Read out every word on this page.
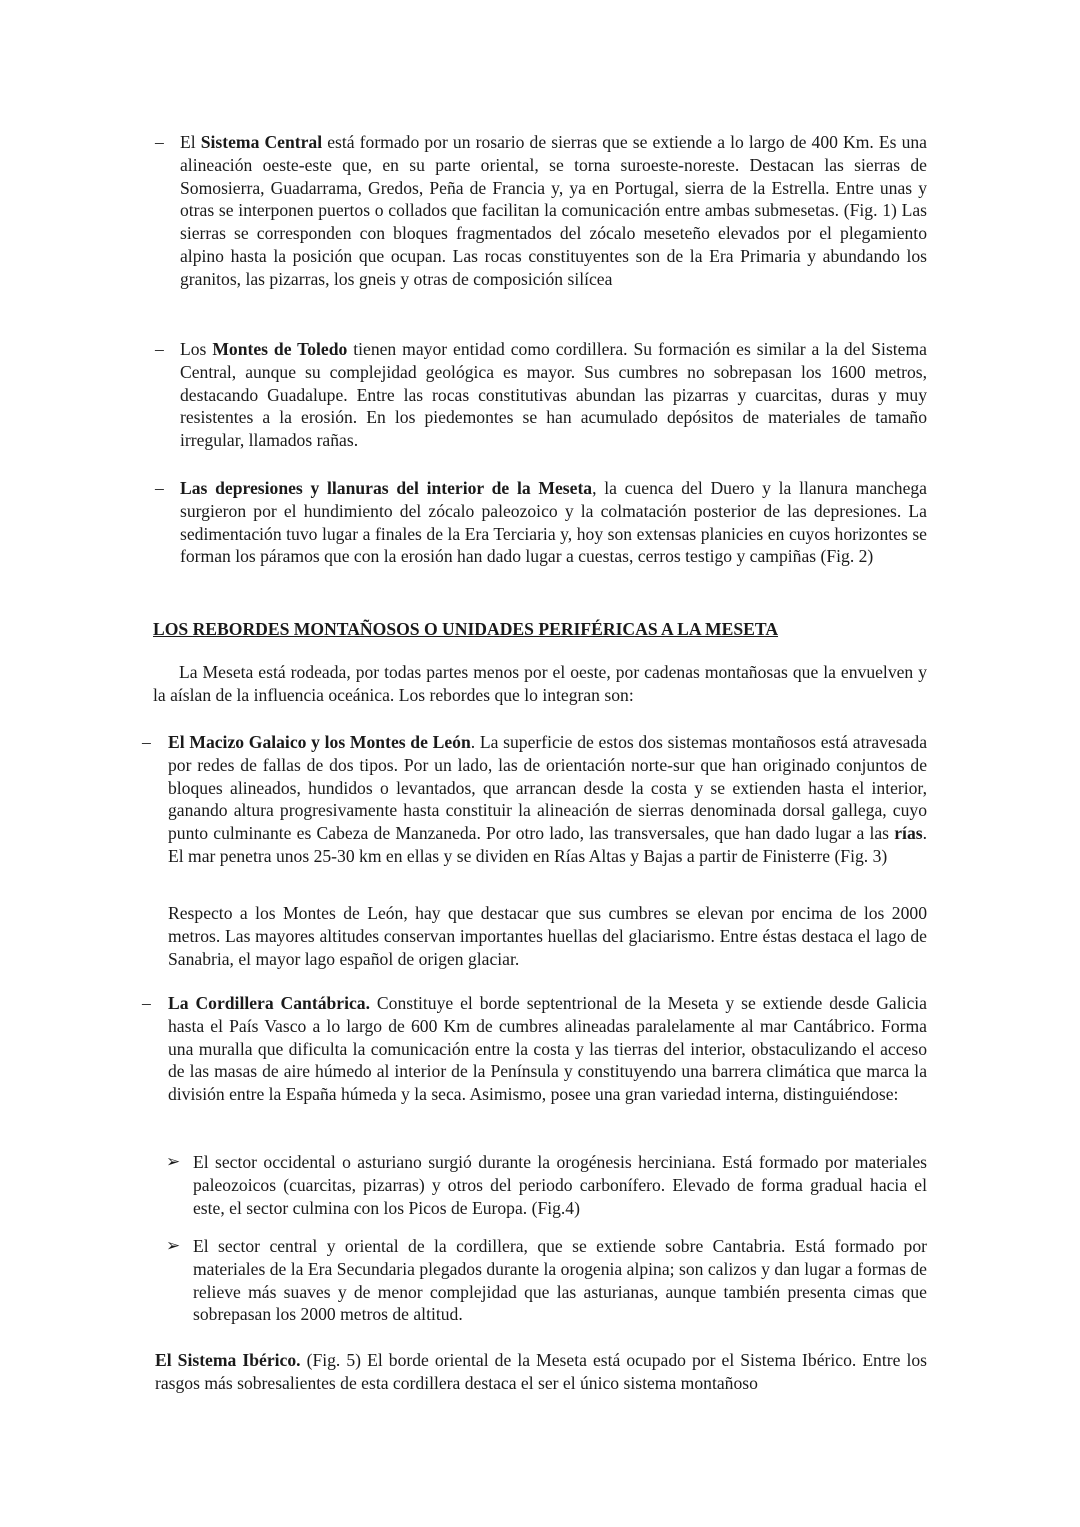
– El Sistema Central está formado por un rosario de sierras que se extiende a lo largo de 400 Km. Es una alineación oeste-este que, en su parte oriental, se torna suroeste-noreste. Destacan las sierras de Somosierra, Guadarrama, Gredos, Peña de Francia y, ya en Portugal, sierra de la Estrella. Entre unas y otras se interponen puertos o collados que facilitan la comunicación entre ambas submesetas. (Fig. 1) Las sierras se corresponden con bloques fragmentados del zócalo meseteño elevados por el plegamiento alpino hasta la posición que ocupan. Las rocas constituyentes son de la Era Primaria y abundando los granitos, las pizarras, los gneis y otras de composición silícea

– Los Montes de Toledo tienen mayor entidad como cordillera. Su formación es similar a la del Sistema Central, aunque su complejidad geológica es mayor. Sus cumbres no sobrepasan los 1600 metros, destacando Guadalupe. Entre las rocas constitutivas abundan las pizarras y cuarcitas, duras y muy resistentes a la erosión. En los piedemontes se han acumulado depósitos de materiales de tamaño irregular, llamados rañas.

– Las depresiones y llanuras del interior de la Meseta, la cuenca del Duero y la llanura manchega surgieron por el hundimiento del zócalo paleozoico y la colmatación posterior de las depresiones. La sedimentación tuvo lugar a finales de la Era Terciaria y, hoy son extensas planicies en cuyos horizontes se forman los páramos que con la erosión han dado lugar a cuestas, cerros testigo y campiñas (Fig. 2)

LOS REBORDES MONTAÑOSOS O UNIDADES PERIFÉRICAS A LA MESETA

La Meseta está rodeada, por todas partes menos por el oeste, por cadenas montañosas que la envuelven y la aíslan de la influencia oceánica. Los rebordes que lo integran son:

– El Macizo Galaico y los Montes de León. La superficie de estos dos sistemas montañosos está atravesada por redes de fallas de dos tipos. Por un lado, las de orientación norte-sur que han originado conjuntos de bloques alineados, hundidos o levantados, que arrancan desde la costa y se extienden hasta el interior, ganando altura progresivamente hasta constituir la alineación de sierras denominada dorsal gallega, cuyo punto culminante es Cabeza de Manzaneda. Por otro lado, las transversales, que han dado lugar a las rías. El mar penetra unos 25-30 km en ellas y se dividen en Rías Altas y Bajas a partir de Finisterre (Fig. 3)

Respecto a los Montes de León, hay que destacar que sus cumbres se elevan por encima de los 2000 metros. Las mayores altitudes conservan importantes huellas del glaciarismo. Entre éstas destaca el lago de Sanabria, el mayor lago español de origen glaciar.

– La Cordillera Cantábrica. Constituye el borde septentrional de la Meseta y se extiende desde Galicia hasta el País Vasco a lo largo de 600 Km de cumbres alineadas paralelamente al mar Cantábrico. Forma una muralla que dificulta la comunicación entre la costa y las tierras del interior, obstaculizando el acceso de las masas de aire húmedo al interior de la Península y constituyendo una barrera climática que marca la división entre la España húmeda y la seca. Asimismo, posee una gran variedad interna, distinguiéndose:

➢ El sector occidental o asturiano surgió durante la orogénesis herciniana. Está formado por materiales paleozoicos (cuarcitas, pizarras) y otros del periodo carbonífero. Elevado de forma gradual hacia el este, el sector culmina con los Picos de Europa. (Fig.4)

➢ El sector central y oriental de la cordillera, que se extiende sobre Cantabria. Está formado por materiales de la Era Secundaria plegados durante la orogenia alpina; son calizos y dan lugar a formas de relieve más suaves y de menor complejidad que las asturianas, aunque también presenta cimas que sobrepasan los 2000 metros de altitud.

El Sistema Ibérico. (Fig. 5) El borde oriental de la Meseta está ocupado por el Sistema Ibérico. Entre los rasgos más sobresalientes de esta cordillera destaca el ser el único sistema montañoso
